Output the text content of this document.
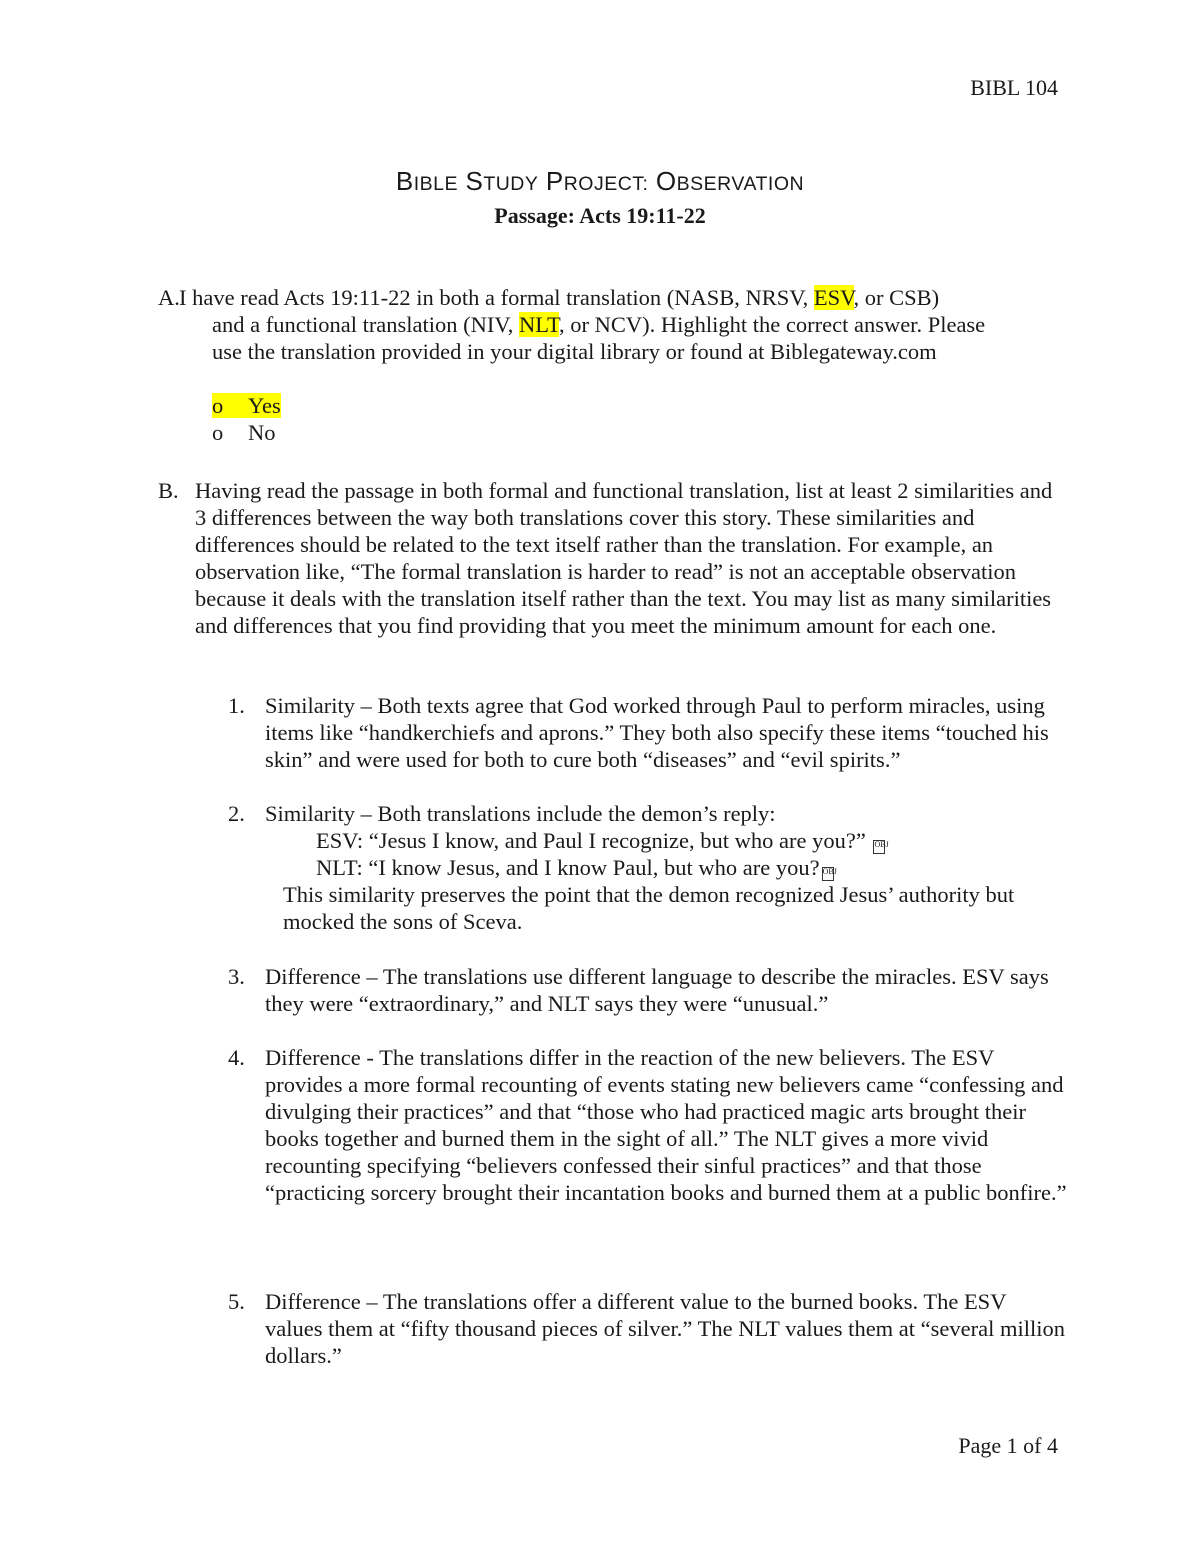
BIBL 104
BIBLE STUDY PROJECT: OBSERVATION
Passage: Acts 19:11-22
A. I have read Acts 19:11-22 in both a formal translation (NASB, NRSV, ESV, or CSB)
and a functional translation (NIV, NLT, or NCV). Highlight the correct answer. Please
use the translation provided in your digital library or found at Biblegateway.com
o Yes
o No
B. Having read the passage in both formal and functional translation, list at least 2 similarities and 3 differences between the way both translations cover this story. These similarities and differences should be related to the text itself rather than the translation. For example, an observation like, “The formal translation is harder to read” is not an acceptable observation because it deals with the translation itself rather than the text. You may list as many similarities and differences that you find providing that you meet the minimum amount for each one.
1. Similarity – Both texts agree that God worked through Paul to perform miracles, using items like “handkerchiefs and aprons.” They both also specify these items “touched his skin” and were used for both to cure both “diseases” and “evil spirits.”
2. Similarity – Both translations include the demon’s reply:
ESV: “Jesus I know, and Paul I recognize, but who are you?” OBJ
NLT: “I know Jesus, and I know Paul, but who are you? OBJ
This similarity preserves the point that the demon recognized Jesus’ authority but mocked the sons of Sceva.
3. Difference – The translations use different language to describe the miracles. ESV says they were “extraordinary,” and NLT says they were “unusual.”
4. Difference - The translations differ in the reaction of the new believers. The ESV provides a more formal recounting of events stating new believers came “confessing and divulging their practices” and that “those who had practiced magic arts brought their books together and burned them in the sight of all.” The NLT gives a more vivid recounting specifying “believers confessed their sinful practices” and that those “practicing sorcery brought their incantation books and burned them at a public bonfire.”
5. Difference – The translations offer a different value to the burned books. The ESV values them at “fifty thousand pieces of silver.” The NLT values them at “several million dollars.”
Page 1 of 4
